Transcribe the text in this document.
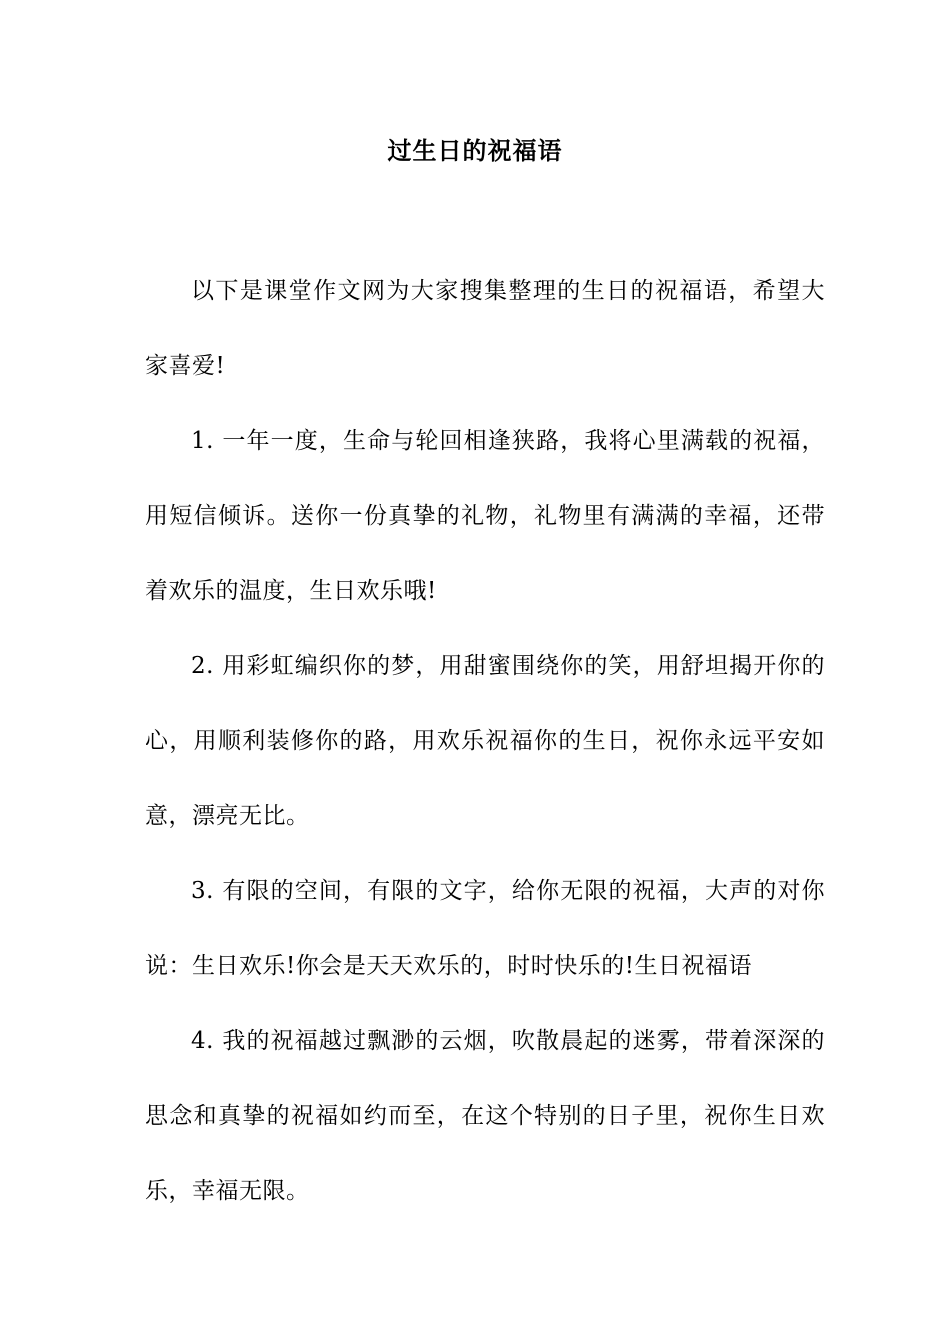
过生日的祝福语

以下是课堂作文网为大家搜集整理的生日的祝福语，希望大家喜爱!

1. 一年一度，生命与轮回相逢狭路，我将心里满载的祝福，用短信倾诉。送你一份真挚的礼物，礼物里有满满的幸福，还带着欢乐的温度，生日欢乐哦!

2. 用彩虹编织你的梦，用甜蜜围绕你的笑，用舒坦揭开你的心，用顺利装修你的路，用欢乐祝福你的生日，祝你永远平安如意，漂亮无比。

3. 有限的空间，有限的文字，给你无限的祝福，大声的对你说：生日欢乐!你会是天天欢乐的，时时快乐的!生日祝福语

4. 我的祝福越过飘渺的云烟，吹散晨起的迷雾，带着深深的思念和真挚的祝福如约而至，在这个特别的日子里，祝你生日欢乐，幸福无限。
